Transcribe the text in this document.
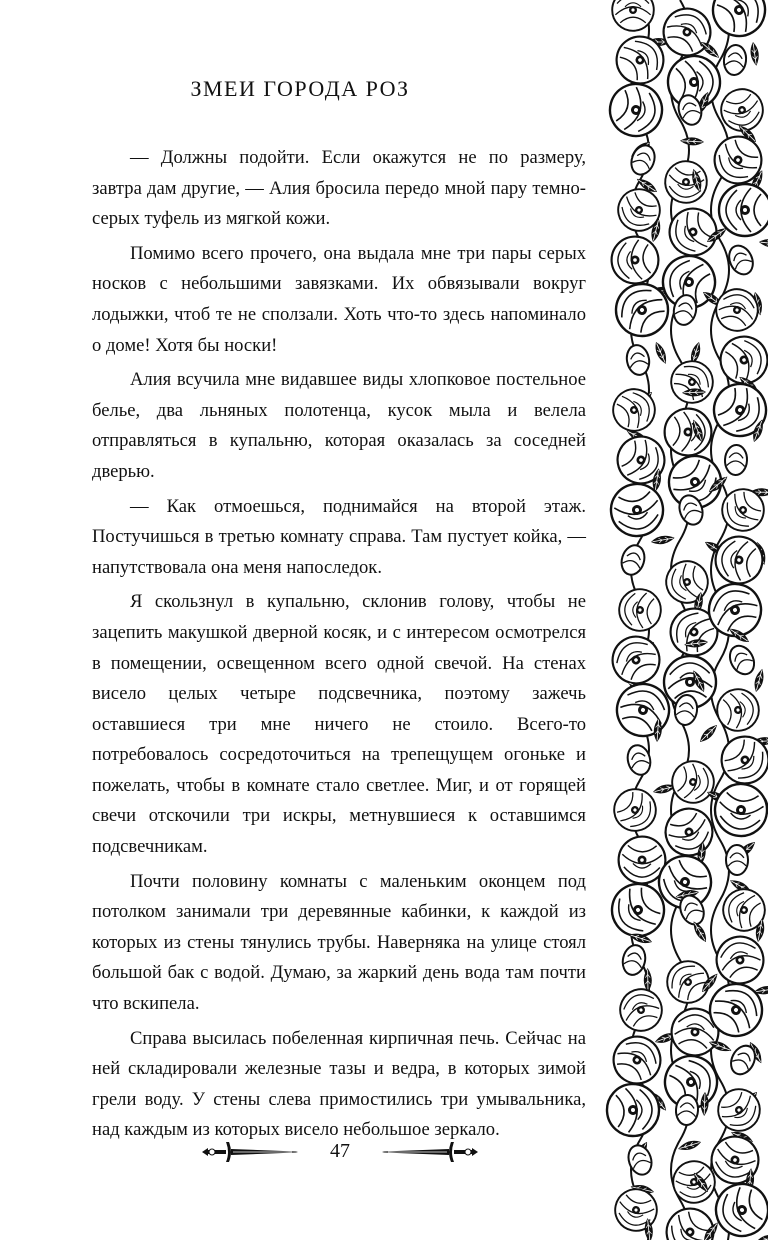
ЗМЕИ ГОРОДА РОЗ

— Должны подойти. Если окажутся не по размеру, завтра дам другие, — Алия бросила передо мной пару темно-серых туфель из мягкой кожи.

Помимо всего прочего, она выдала мне три пары серых носков с небольшими завязками. Их обвязывали вокруг лодыжки, чтоб те не сползали. Хоть что-то здесь напоминало о доме! Хотя бы носки!

Алия всучила мне видавшее виды хлопковое постельное белье, два льняных полотенца, кусок мыла и велела отправляться в купальню, которая оказалась за соседней дверью.

— Как отмоешься, поднимайся на второй этаж. Постучишься в третью комнату справа. Там пустует койка, — напутствовала она меня напоследок.

Я скользнул в купальню, склонив голову, чтобы не зацепить макушкой дверной косяк, и с интересом осмотрелся в помещении, освещенном всего одной свечой. На стенах висело целых четыре подсвечника, поэтому зажечь оставшиеся три мне ничего не стоило. Всего-то потребовалось сосредоточиться на трепещущем огоньке и пожелать, чтобы в комнате стало светлее. Миг, и от горящей свечи отскочили три искры, метнувшиеся к оставшимся подсвечникам.

Почти половину комнаты с маленьким оконцем под потолком занимали три деревянные кабинки, к каждой из которых из стены тянулись трубы. Наверняка на улице стоял большой бак с водой. Думаю, за жаркий день вода там почти что вскипела.

Справа высилась побеленная кирпичная печь. Сейчас на ней складировали железные тазы и ведра, в которых зимой грели воду. У стены слева примостились три умывальника, над каждым из которых висело небольшое зеркало.

47
